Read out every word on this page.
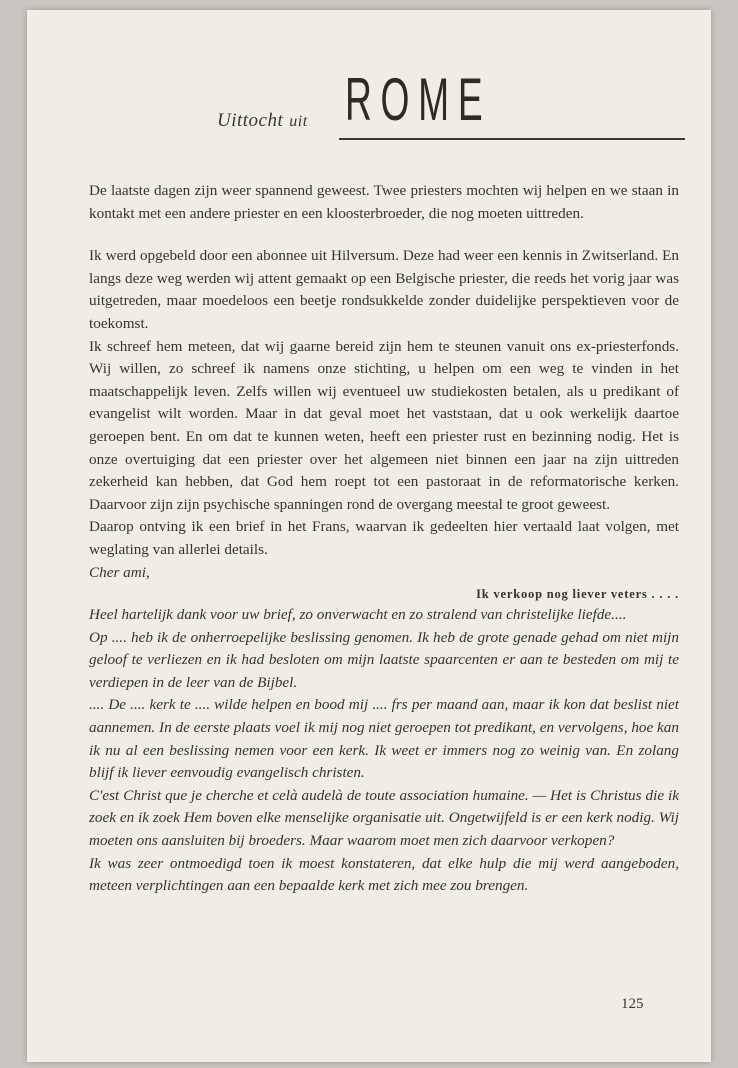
Uittocht uit ROME

De laatste dagen zijn weer spannend geweest. Twee priesters mochten wij helpen en we staan in kontakt met een andere priester en een kloosterbroeder, die nog moeten uittreden.

Ik werd opgebeld door een abonnee uit Hilversum. Deze had weer een kennis in Zwitserland. En langs deze weg werden wij attent gemaakt op een Belgische priester, die reeds het vorig jaar was uitgetreden, maar moedeloos een beetje rondsukkelde zonder duidelijke perspektieven voor de toekomst.

Ik schreef hem meteen, dat wij gaarne bereid zijn hem te steunen vanuit ons ex-priesterfonds. Wij willen, zo schreef ik namens onze stichting, u helpen om een weg te vinden in het maatschappelijk leven. Zelfs willen wij eventueel uw studiekosten betalen, als u predikant of evangelist wilt worden. Maar in dat geval moet het vaststaan, dat u ook werkelijk daartoe geroepen bent. En om dat te kunnen weten, heeft een priester rust en bezinning nodig. Het is onze overtuiging dat een priester over het algemeen niet binnen een jaar na zijn uittreden zekerheid kan hebben, dat God hem roept tot een pastoraat in de reformatorische kerken. Daarvoor zijn zijn psychische spanningen rond de overgang meestal te groot geweest.

Daarop ontving ik een brief in het Frans, waarvan ik gedeelten hier vertaald laat volgen, met weglating van allerlei details.

Cher ami,

Ik verkoop nog liever veters . . . .

Heel hartelijk dank voor uw brief, zo onverwacht en zo stralend van christelijke liefde....

Op .... heb ik de onherroepelijke beslissing genomen. Ik heb de grote genade gehad om niet mijn geloof te verliezen en ik had besloten om mijn laatste spaarcenten er aan te besteden om mij te verdiepen in de leer van de Bijbel.

.... De .... kerk te .... wilde helpen en bood mij .... frs per maand aan, maar ik kon dat beslist niet aannemen. In de eerste plaats voel ik mij nog niet geroepen tot predikant, en vervolgens, hoe kan ik nu al een beslissing nemen voor een kerk. Ik weet er immers nog zo weinig van. En zolang blijf ik liever eenvoudig evangelisch christen.

C'est Christ que je cherche et celà audelà de toute association humaine. — Het is Christus die ik zoek en ik zoek Hem boven elke menselijke organisatie uit. Ongetwijfeld is er een kerk nodig. Wij moeten ons aansluiten bij broeders. Maar waarom moet men zich daarvoor verkopen?

Ik was zeer ontmoedigd toen ik moest konstateren, dat elke hulp die mij werd aangeboden, meteen verplichtingen aan een bepaalde kerk met zich mee zou brengen.

125
